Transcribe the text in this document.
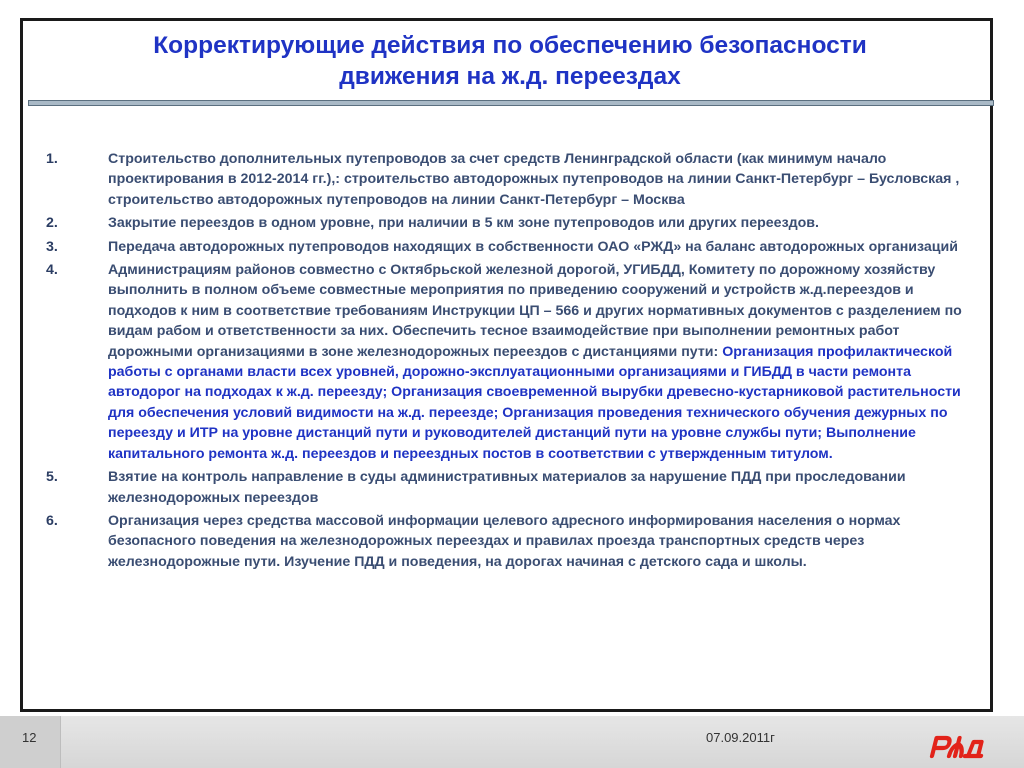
Корректирующие действия по обеспечению безопасности
движения на ж.д. переездах
1.	Строительство дополнительных путепроводов за счет средств Ленинградской области (как минимум начало проектирования в 2012-2014 гг.),: строительство автодорожных путепроводов на линии Санкт-Петербург – Бусловская , строительство автодорожных путепроводов на линии Санкт-Петербург – Москва
2.	Закрытие переездов в одном уровне, при наличии в 5 км зоне путепроводов или других переездов.
3.	Передача автодорожных путепроводов находящих в собственности ОАО «РЖД» на баланс автодорожных организаций
4.	Администрациям районов совместно с Октябрьской железной дорогой, УГИБДД, Комитету по дорожному хозяйству выполнить в полном объеме совместные мероприятия по приведению сооружений и устройств ж.д.переездов и подходов к ним в соответствие требованиям Инструкции ЦП – 566 и других нормативных документов с разделением по видам рабом и ответственности за них. Обеспечить тесное взаимодействие при выполнении ремонтных работ дорожными организациями в зоне железнодорожных переездов с дистанциями пути: Организация профилактической работы с органами власти всех уровней, дорожно-эксплуатационными организациями и ГИБДД в части ремонта автодорог на подходах к ж.д. переезду; Организация своевременной вырубки древесно-кустарниковой растительности для обеспечения условий видимости на ж.д. переезде; Организация проведения технического обучения дежурных по переезду и ИТР на уровне дистанций пути и руководителей дистанций пути на уровне службы пути; Выполнение капитального ремонта ж.д. переездов и переездных постов в соответствии с утвержденным титулом.
5.	Взятие на контроль направление в суды административных материалов за нарушение ПДД при проследовании железнодорожных переездов
6.	Организация через средства массовой информации целевого адресного информирования населения о нормах безопасного поведения на железнодорожных переездах и правилах проезда транспортных средств через железнодорожные пути. Изучение ПДД и поведения, на дорогах начиная с детского сада и школы.
12	07.09.2011г
